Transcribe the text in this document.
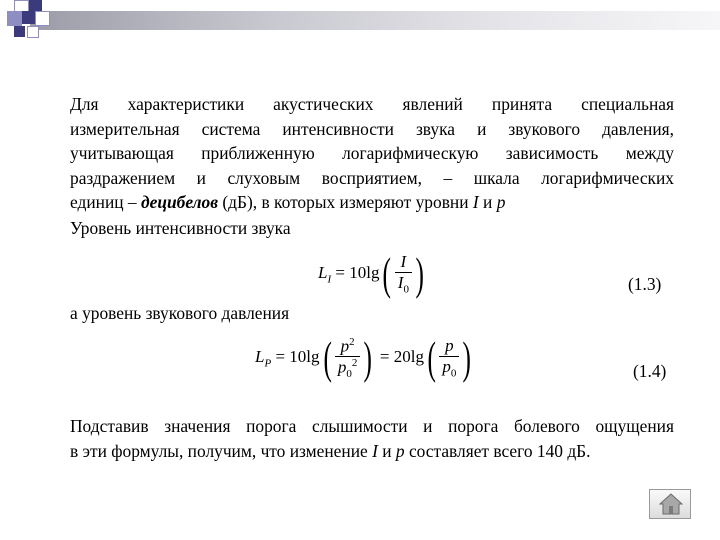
Для характеристики акустических явлений принята специальная
измерительная система интенсивности звука и звукового давления,
учитывающая приближенную логарифмическую зависимость между
раздражением и слуховым восприятием, – шкала логарифмических
единиц – децибелов (дБ), в которых измеряют уровни I и p
Уровень интенсивности звука
$L_I = 10\lg( \frac{I}{I_0}$ )	(1.3)
а уровень звукового давления
$L_P = 10\lg( \frac{p^2}{p_0^2}$ ) = $20\lg( \frac{p}{p_0}$ )	(1.4)
Подставив значения порога слышимости и порога болевого ощущения
в эти формулы, получим, что изменение I и p составляет всего 140 дБ.
